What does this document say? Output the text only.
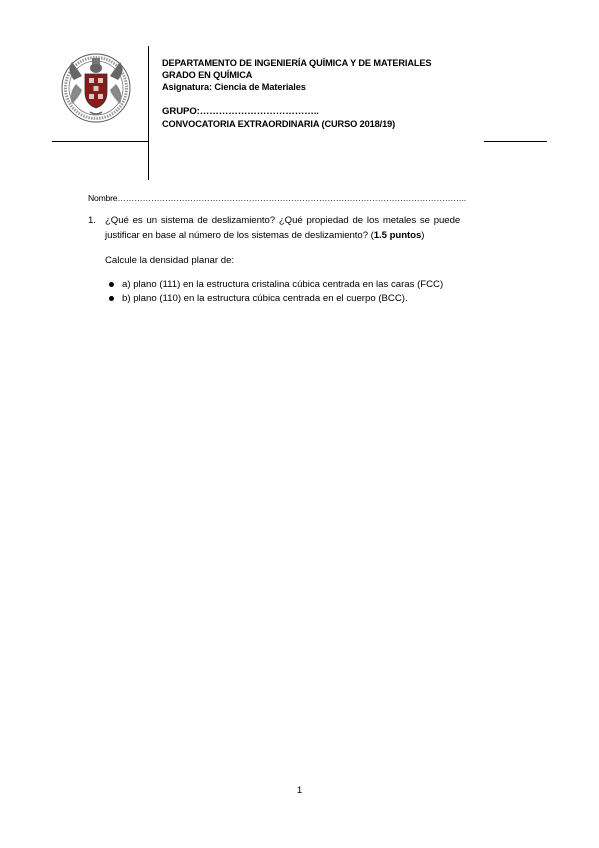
DEPARTAMENTO DE INGENIERÍA QUÍMICA Y DE MATERIALES
GRADO EN QUÍMICA
Asignatura: Ciencia de Materiales
GRUPO:………………………………..
CONVOCATORIA EXTRAORDINARIA (CURSO 2018/19)
Nombre……………………………………………………………………………………………………………..
1. ¿Qué es un sistema de deslizamiento? ¿Qué propiedad de los metales se puede
justificar en base al número de los sistemas de deslizamiento? (1.5 puntos)
Calcule la densidad planar de:
a) plano (111) en la estructura cristalina cúbica centrada en las caras (FCC)
b) plano (110) en la estructura cúbica centrada en el cuerpo (BCC).
1
